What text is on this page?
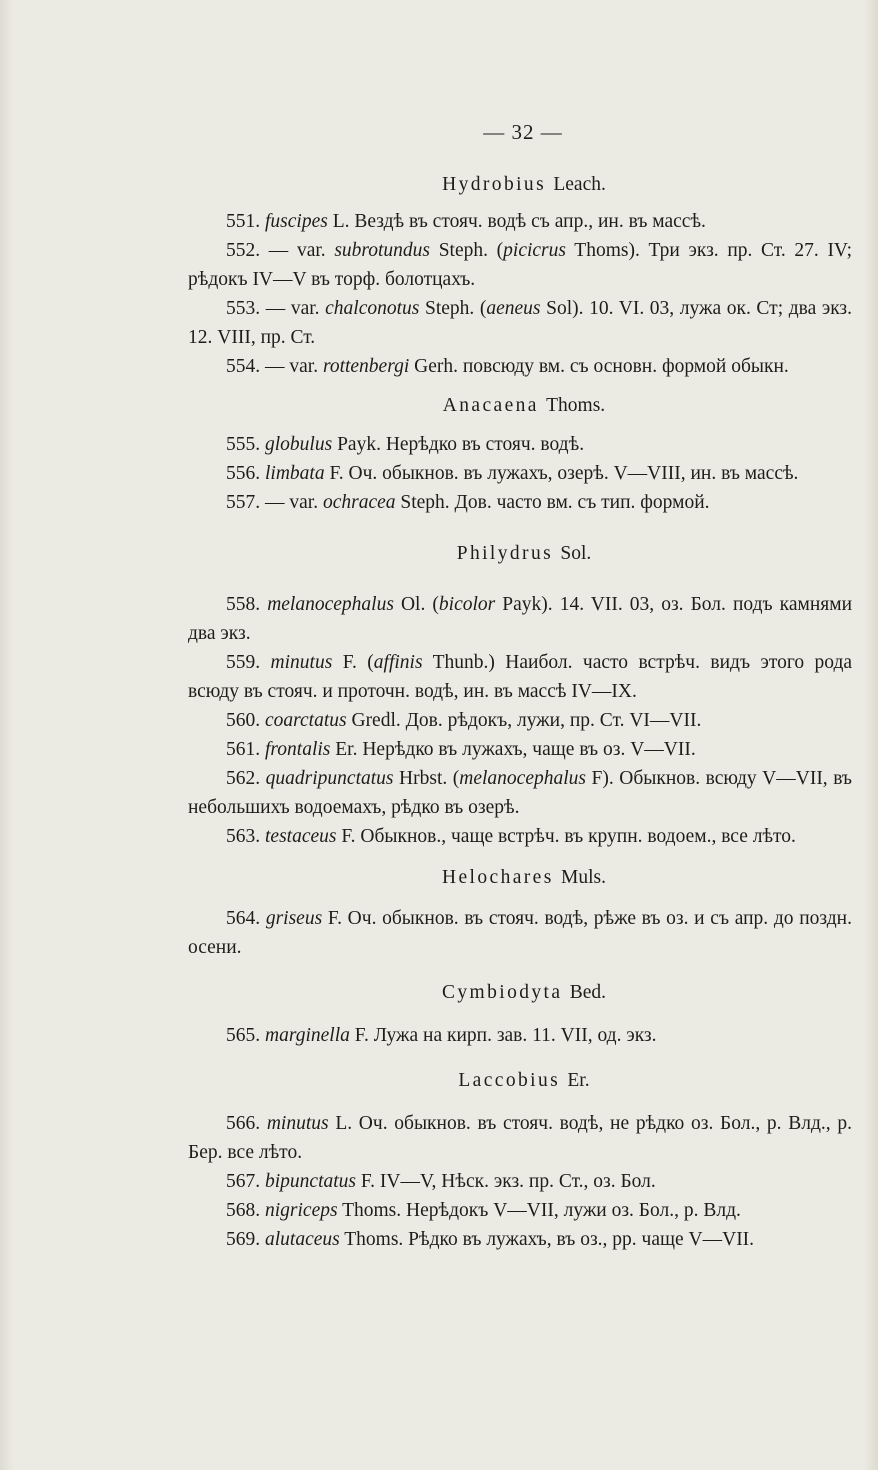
— 32 —
Hydrobius Leach.

551. fuscipes L. Вездѣ въ стояч. водѣ съ апр., ин. въ массѣ.

552. — var. subrotundus Steph. (picicrus Thoms). Три экз. пр. Ст. 27. IV; рѣдокъ IV—V въ торф. болотцахъ.

553. — var. chalconotus Steph. (aeneus Sol). 10. VI. 03, лужа ок. Ст; два экз. 12. VIII, пр. Ст.

554. — var. rottenbergi Gerh. повсюду вм. съ основн. формой обыкн.

Anacaena Thoms.

555. globulus Payk. Нерѣдко въ стояч. водѣ.

556. limbata F. Оч. обыкнов. въ лужахъ, озерѣ. V—VIII, ин. въ массѣ.

557. — var. ochracea Steph. Дов. часто вм. съ тип. формой.

Philydrus Sol.

558. melanocephalus Ol. (bicolor Payk). 14. VII. 03, оз. Бол. подъ камнями два экз.

559. minutus F. (affinis Thunb.) Наибол. часто встрѣч. видъ этого рода всюду въ стояч. и проточн. водѣ, ин. въ массѣ IV—IX.

560. coarctatus Gredl. Дов. рѣдокъ, лужи, пр. Ст. VI—VII.

561. frontalis Er. Нерѣдко въ лужахъ, чаще въ оз. V—VII.

562. quadripunctatus Hrbst. (melanocephalus F). Обыкнов. всюду V—VII, въ небольшихъ водоемахъ, рѣдко въ озерѣ.

563. testaceus F. Обыкнов., чаще встрѣч. въ крупн. водоем., все лѣто.

Helochares Muls.

564. griseus F. Оч. обыкнов. въ стояч. водѣ, рѣже въ оз. и съ апр. до поздн. осени.

Cymbiodyta Bed.

565. marginella F. Лужа на кирп. зав. 11. VII, од. экз.

Laccobius Er.

566. minutus L. Оч. обыкнов. въ стояч. водѣ, не рѣдко оз. Бол., р. Влд., р. Бер. все лѣто.

567. bipunctatus F. IV—V, Нѣск. экз. пр. Ст., оз. Бол.

568. nigriceps Thoms. Нерѣдокъ V—VII, лужи оз. Бол., р. Влд.

569. alutaceus Thoms. Рѣдко въ лужахъ, въ оз., рр. чаще V—VII.
